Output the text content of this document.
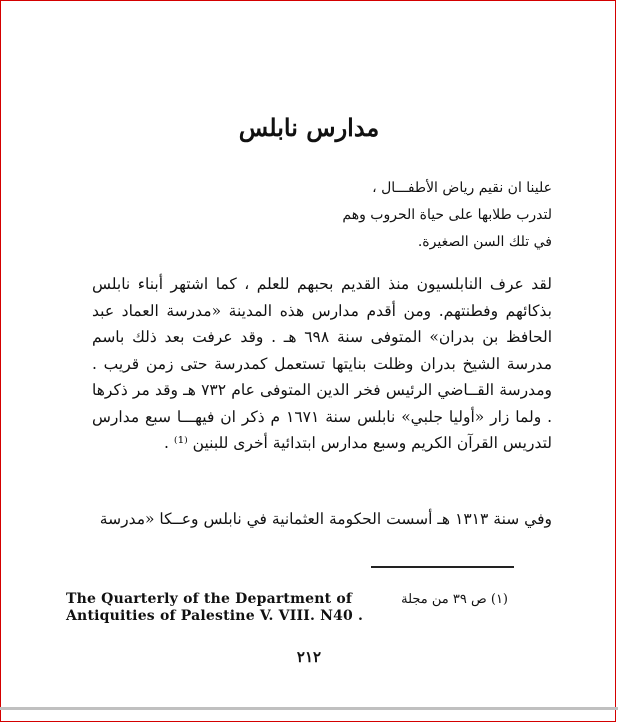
مدارس نابلس
علينا ان نقيم رياض الأطفـــال ،
لتدرب طلابها على حياة الحروب وهم
في تلك السن الصغيرة.
لقد عرف النابلسيون منذ القديم بحبهم للعلم ، كما اشتهر أبناء نابلس بذكائهم وفطنتهم. ومن أقدم مدارس هذه المدينة «مدرسة العماد عبد الحافظ بن بدران» المتوفى سنة ٦٩٨ هـ . وقد عرفت بعد ذلك باسم مدرسة الشيخ بدران وظلت بنايتها تستعمل كمدرسة حتى زمن قريب . ومدرسة القــاضي الرئيس فخر الدين المتوفى عام ٧٣٢ هـ وقد مر ذكرها . ولما زار «أوليا جلبي» نابلس سنة ١٦٧١ م ذكر ان فيهـــا سبع مدارس لتدريس القرآن الكريم وسبع مدارس ابتدائية أخرى للبنين ⁽¹⁾ .
وفي سنة ١٣١٣ هـ أسست الحكومة العثمانية في نابلس وعــكا «مدرسة
(١) ص ٣٩ من مجلة
The Quarterly of the Department of
Antiquities of Palestine V. VIII. N40 .
٢١٢
